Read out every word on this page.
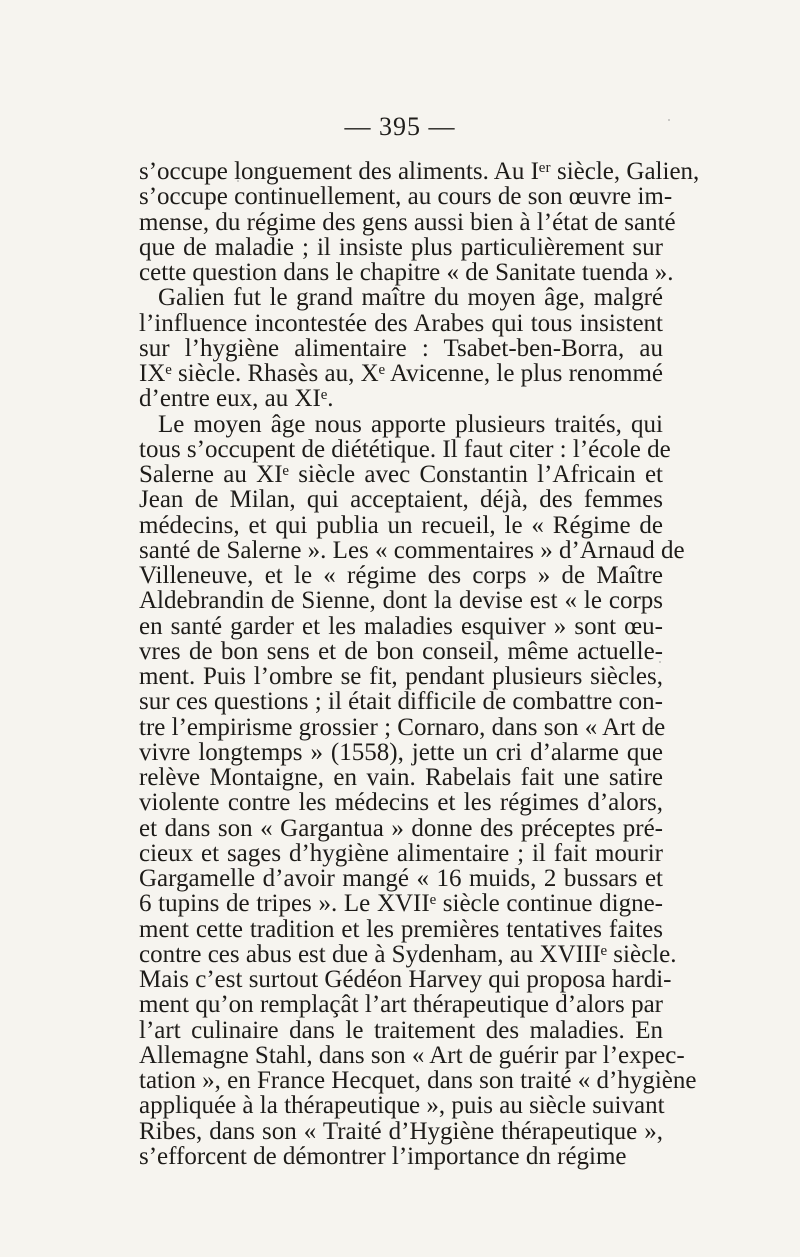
— 395 —
s’occupe longuement des aliments. Au Iᵉʳ siècle, Galien,
s’occupe continuellement, au cours de son œuvre im-
mense, du régime des gens aussi bien à l’état de santé
que de maladie ; il insiste plus particulièrement sur
cette question dans le chapitre « de Sanitate tuenda ».
Galien fut le grand maître du moyen âge, malgré
l’influence incontestée des Arabes qui tous insistent
sur l’hygiène alimentaire : Tsabet-ben-Borra, au
IXᵉ siècle. Rhasès au, Xᵉ Avicenne, le plus renommé
d’entre eux, au XIᵉ.
Le moyen âge nous apporte plusieurs traités, qui
tous s’occupent de diététique. Il faut citer : l’école de
Salerne au XIᵉ siècle avec Constantin l’Africain et
Jean de Milan, qui acceptaient, déjà, des femmes
médecins, et qui publia un recueil, le « Régime de
santé de Salerne ». Les « commentaires » d’Arnaud de
Villeneuve, et le « régime des corps » de Maître
Aldebrandin de Sienne, dont la devise est « le corps
en santé garder et les maladies esquiver » sont œu-
vres de bon sens et de bon conseil, même actuelle-
ment. Puis l’ombre se fit, pendant plusieurs siècles,
sur ces questions ; il était difficile de combattre con-
tre l’empirisme grossier ; Cornaro, dans son « Art de
vivre longtemps » (1558), jette un cri d’alarme que
relève Montaigne, en vain. Rabelais fait une satire
violente contre les médecins et les régimes d’alors,
et dans son « Gargantua » donne des préceptes pré-
cieux et sages d’hygiène alimentaire ; il fait mourir
Gargamelle d’avoir mangé « 16 muids, 2 bussars et
6 tupins de tripes ». Le XVIIᵉ siècle continue digne-
ment cette tradition et les premières tentatives faites
contre ces abus est due à Sydenham, au XVIIIᵉ siècle.
Mais c’est surtout Gédéon Harvey qui proposa hardi-
ment qu’on remplaçât l’art thérapeutique d’alors par
l’art culinaire dans le traitement des maladies. En
Allemagne Stahl, dans son « Art de guérir par l’expec-
tation », en France Hecquet, dans son traité « d’hygiène
appliquée à la thérapeutique », puis au siècle suivant
Ribes, dans son « Traité d’Hygiène thérapeutique »,
s’efforcent de démontrer l’importance dn régime
